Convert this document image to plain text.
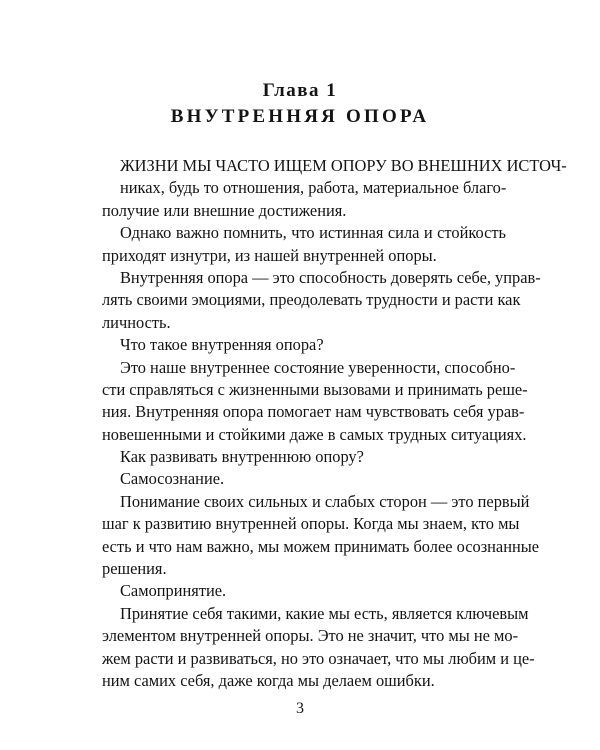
Глава 1
ВНУТРЕННЯЯ ОПОРА
ЖИЗНИ МЫ ЧАСТО ИЩЕМ ОПОРУ ВО ВНЕШНИХ ИСТОЧ-
никах, будь то отношения, работа, материальное благо-
получие или внешние достижения.
Однако важно помнить, что истинная сила и стойкость
приходят изнутри, из нашей внутренней опоры.
Внутренняя опора — это способность доверять себе, управ-
лять своими эмоциями, преодолевать трудности и расти как
личность.
Что такое внутренняя опора?
Это наше внутреннее состояние уверенности, способно-
сти справляться с жизненными вызовами и принимать реше-
ния. Внутренняя опора помогает нам чувствовать себя урав-
новешенными и стойкими даже в самых трудных ситуациях.
Как развивать внутреннюю опору?
Самосознание.
Понимание своих сильных и слабых сторон — это первый
шаг к развитию внутренней опоры. Когда мы знаем, кто мы
есть и что нам важно, мы можем принимать более осознанные
решения.
Самопринятие.
Принятие себя такими, какие мы есть, является ключевым
элементом внутренней опоры. Это не значит, что мы не мо-
жем расти и развиваться, но это означает, что мы любим и це-
ним самих себя, даже когда мы делаем ошибки.
3
